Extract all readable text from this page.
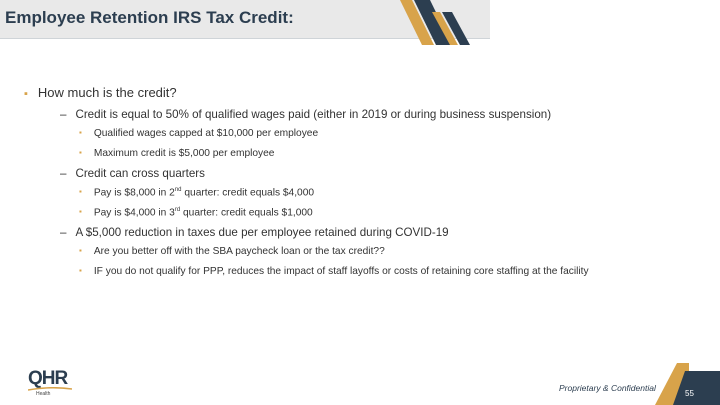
Employee Retention IRS Tax Credit:
▪ How much is the credit?
– Credit is equal to 50% of qualified wages paid (either in 2019 or during business suspension)
▪ Qualified wages capped at $10,000 per employee
▪ Maximum credit is $5,000 per employee
– Credit can cross quarters
▪ Pay is $8,000 in 2nd quarter: credit equals $4,000
▪ Pay is $4,000 in 3rd quarter: credit equals $1,000
– A $5,000 reduction in taxes due per employee retained during COVID-19
▪ Are you better off with the SBA paycheck loan or the tax credit??
▪ IF you do not qualify for PPP, reduces the impact of staff layoffs or costs of retaining core staffing at the facility
QHR
Health
Proprietary & Confidential
55
